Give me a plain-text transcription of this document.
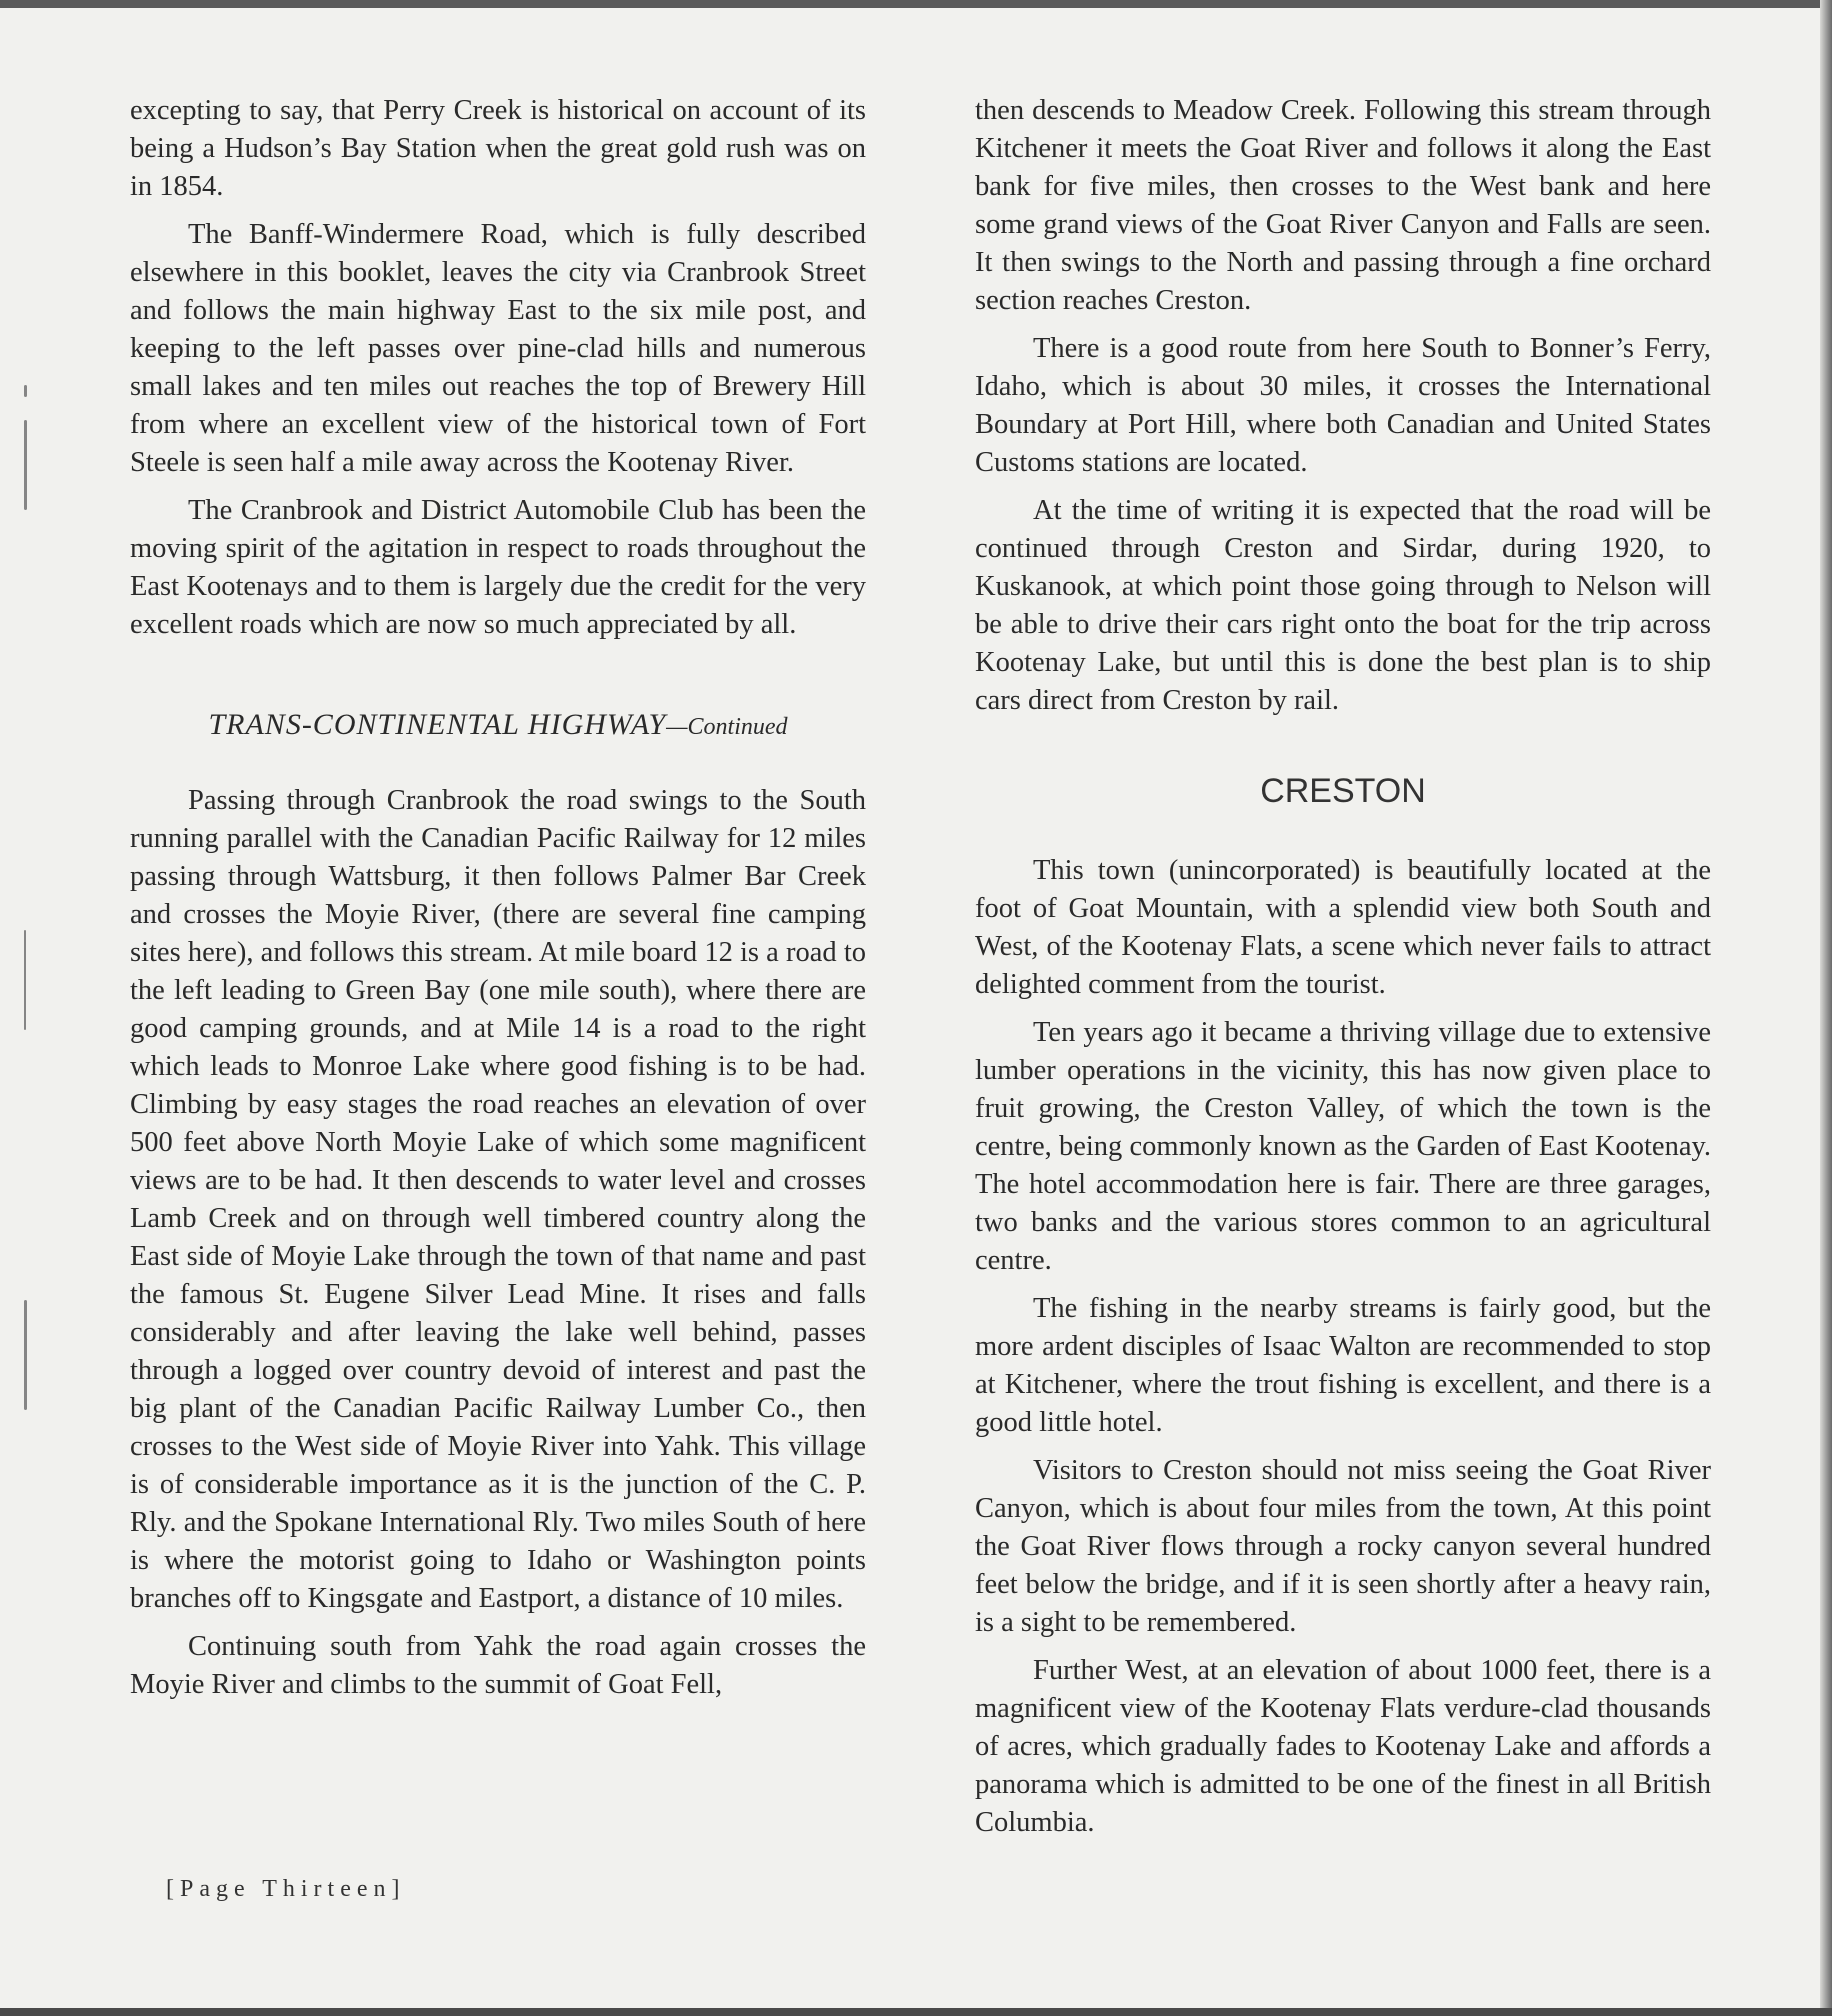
excepting to say, that Perry Creek is historical on account of its being a Hudson’s Bay Station when the great gold rush was on in 1854.

The Banff-Windermere Road, which is fully described elsewhere in this booklet, leaves the city via Cranbrook Street and follows the main highway East to the six mile post, and keeping to the left passes over pine-clad hills and numerous small lakes and ten miles out reaches the top of Brewery Hill from where an excellent view of the historical town of Fort Steele is seen half a mile away across the Kootenay River.

The Cranbrook and District Automobile Club has been the moving spirit of the agitation in respect to roads throughout the East Kootenays and to them is largely due the credit for the very excellent roads which are now so much appreciated by all.

TRANS-CONTINENTAL HIGHWAY—Continued

Passing through Cranbrook the road swings to the South running parallel with the Canadian Pacific Railway for 12 miles passing through Wattsburg, it then follows Palmer Bar Creek and crosses the Moyie River, (there are several fine camping sites here), and follows this stream. At mile board 12 is a road to the left leading to Green Bay (one mile south), where there are good camping grounds, and at Mile 14 is a road to the right which leads to Monroe Lake where good fishing is to be had. Climbing by easy stages the road reaches an elevation of over 500 feet above North Moyie Lake of which some magnificent views are to be had. It then descends to water level and crosses Lamb Creek and on through well timbered country along the East side of Moyie Lake through the town of that name and past the famous St. Eugene Silver Lead Mine. It rises and falls considerably and after leaving the lake well behind, passes through a logged over country devoid of interest and past the big plant of the Canadian Pacific Railway Lumber Co., then crosses to the West side of Moyie River into Yahk. This village is of considerable importance as it is the junction of the C. P. Rly. and the Spokane International Rly. Two miles South of here is where the motorist going to Idaho or Washington points branches off to Kingsgate and Eastport, a distance of 10 miles.

Continuing south from Yahk the road again crosses the Moyie River and climbs to the summit of Goat Fell,

then descends to Meadow Creek. Following this stream through Kitchener it meets the Goat River and follows it along the East bank for five miles, then crosses to the West bank and here some grand views of the Goat River Canyon and Falls are seen. It then swings to the North and passing through a fine orchard section reaches Creston.

There is a good route from here South to Bonner’s Ferry, Idaho, which is about 30 miles, it crosses the International Boundary at Port Hill, where both Canadian and United States Customs stations are located.

At the time of writing it is expected that the road will be continued through Creston and Sirdar, during 1920, to Kuskanook, at which point those going through to Nelson will be able to drive their cars right onto the boat for the trip across Kootenay Lake, but until this is done the best plan is to ship cars direct from Creston by rail.

CRESTON

This town (unincorporated) is beautifully located at the foot of Goat Mountain, with a splendid view both South and West, of the Kootenay Flats, a scene which never fails to attract delighted comment from the tourist.

Ten years ago it became a thriving village due to extensive lumber operations in the vicinity, this has now given place to fruit growing, the Creston Valley, of which the town is the centre, being commonly known as the Garden of East Kootenay. The hotel accommodation here is fair. There are three garages, two banks and the various stores common to an agricultural centre.

The fishing in the nearby streams is fairly good, but the more ardent disciples of Isaac Walton are recommended to stop at Kitchener, where the trout fishing is excellent, and there is a good little hotel.

Visitors to Creston should not miss seeing the Goat River Canyon, which is about four miles from the town, At this point the Goat River flows through a rocky canyon several hundred feet below the bridge, and if it is seen shortly after a heavy rain, is a sight to be remembered.

Further West, at an elevation of about 1000 feet, there is a magnificent view of the Kootenay Flats verdure-clad thousands of acres, which gradually fades to Kootenay Lake and affords a panorama which is admitted to be one of the finest in all British Columbia.

[Page Thirteen]
